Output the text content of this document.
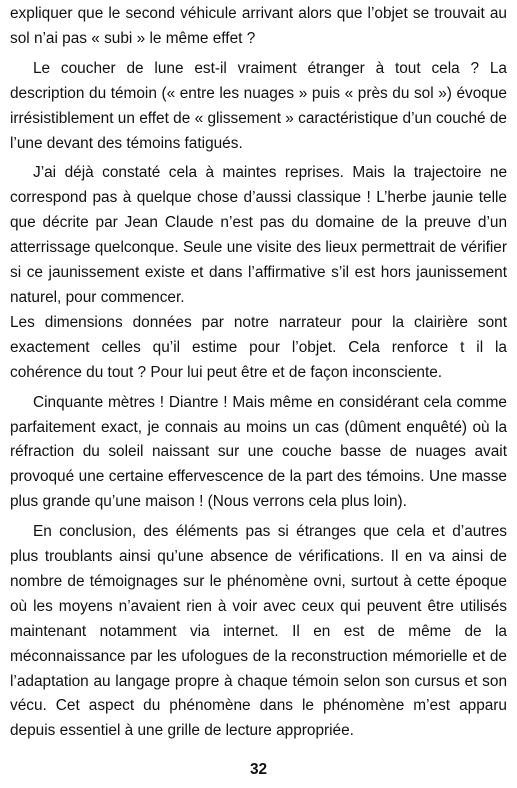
expliquer que le second véhicule arrivant alors que l’objet se trouvait au sol n’ai pas « subi » le même effet ?

Le coucher de lune est-il vraiment étranger à tout cela ? La description du témoin (« entre les nuages » puis « près du sol ») évoque irrésistiblement un effet de « glissement » caractéristique d’un couché de l’une devant des témoins fatigués.

J’ai déjà constaté cela à maintes reprises. Mais la trajectoire ne correspond pas à quelque chose d’aussi classique ! L’herbe jaunie telle que décrite par Jean Claude n’est pas du domaine de la preuve d’un atterrissage quelconque. Seule une visite des lieux permettrait de vérifier si ce jaunissement existe et dans l’affirmative s’il est hors jaunissement naturel, pour commencer.

Les dimensions données par notre narrateur pour la clairière sont exactement celles qu’il estime pour l’objet. Cela renforce t il la cohérence du tout ? Pour lui peut être et de façon inconsciente.

Cinquante mètres ! Diantre ! Mais même en considérant cela comme parfaitement exact, je connais au moins un cas (dûment enquêté) où la réfraction du soleil naissant sur une couche basse de nuages avait provoqué une certaine effervescence de la part des témoins. Une masse plus grande qu’une maison ! (Nous verrons cela plus loin).

En conclusion, des éléments pas si étranges que cela et d’autres plus troublants ainsi qu’une absence de vérifications. Il en va ainsi de nombre de témoignages sur le phénomène ovni, surtout à cette époque où les moyens n’avaient rien à voir avec ceux qui peuvent être utilisés maintenant notamment via internet. Il en est de même de la méconnaissance par les ufologues de la reconstruction mémorielle et de l’adaptation au langage propre à chaque témoin selon son cursus et son vécu. Cet aspect du phénomène dans le phénomène m’est apparu depuis essentiel à une grille de lecture appropriée.

32
